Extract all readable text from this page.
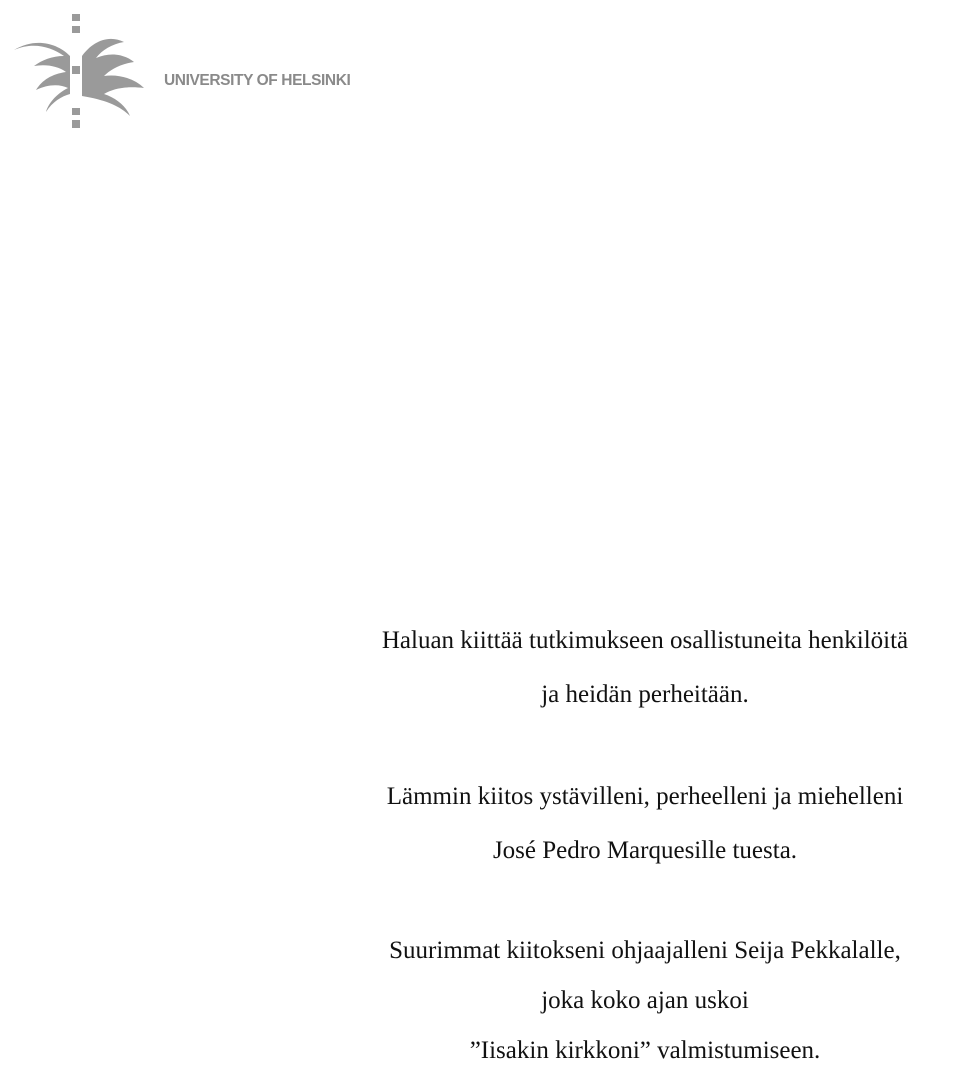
UNIVERSITY OF HELSINKI
Haluan kiittää tutkimukseen osallistuneita henkilöitä
ja heidän perheitään.
Lämmin kiitos ystävilleni, perheelleni ja miehelleni
José Pedro Marquesille tuesta.
Suurimmat kiitokseni ohjaajalleni Seija Pekkalalle,
joka koko ajan uskoi
”Iisakin kirkkoni” valmistumiseen.
